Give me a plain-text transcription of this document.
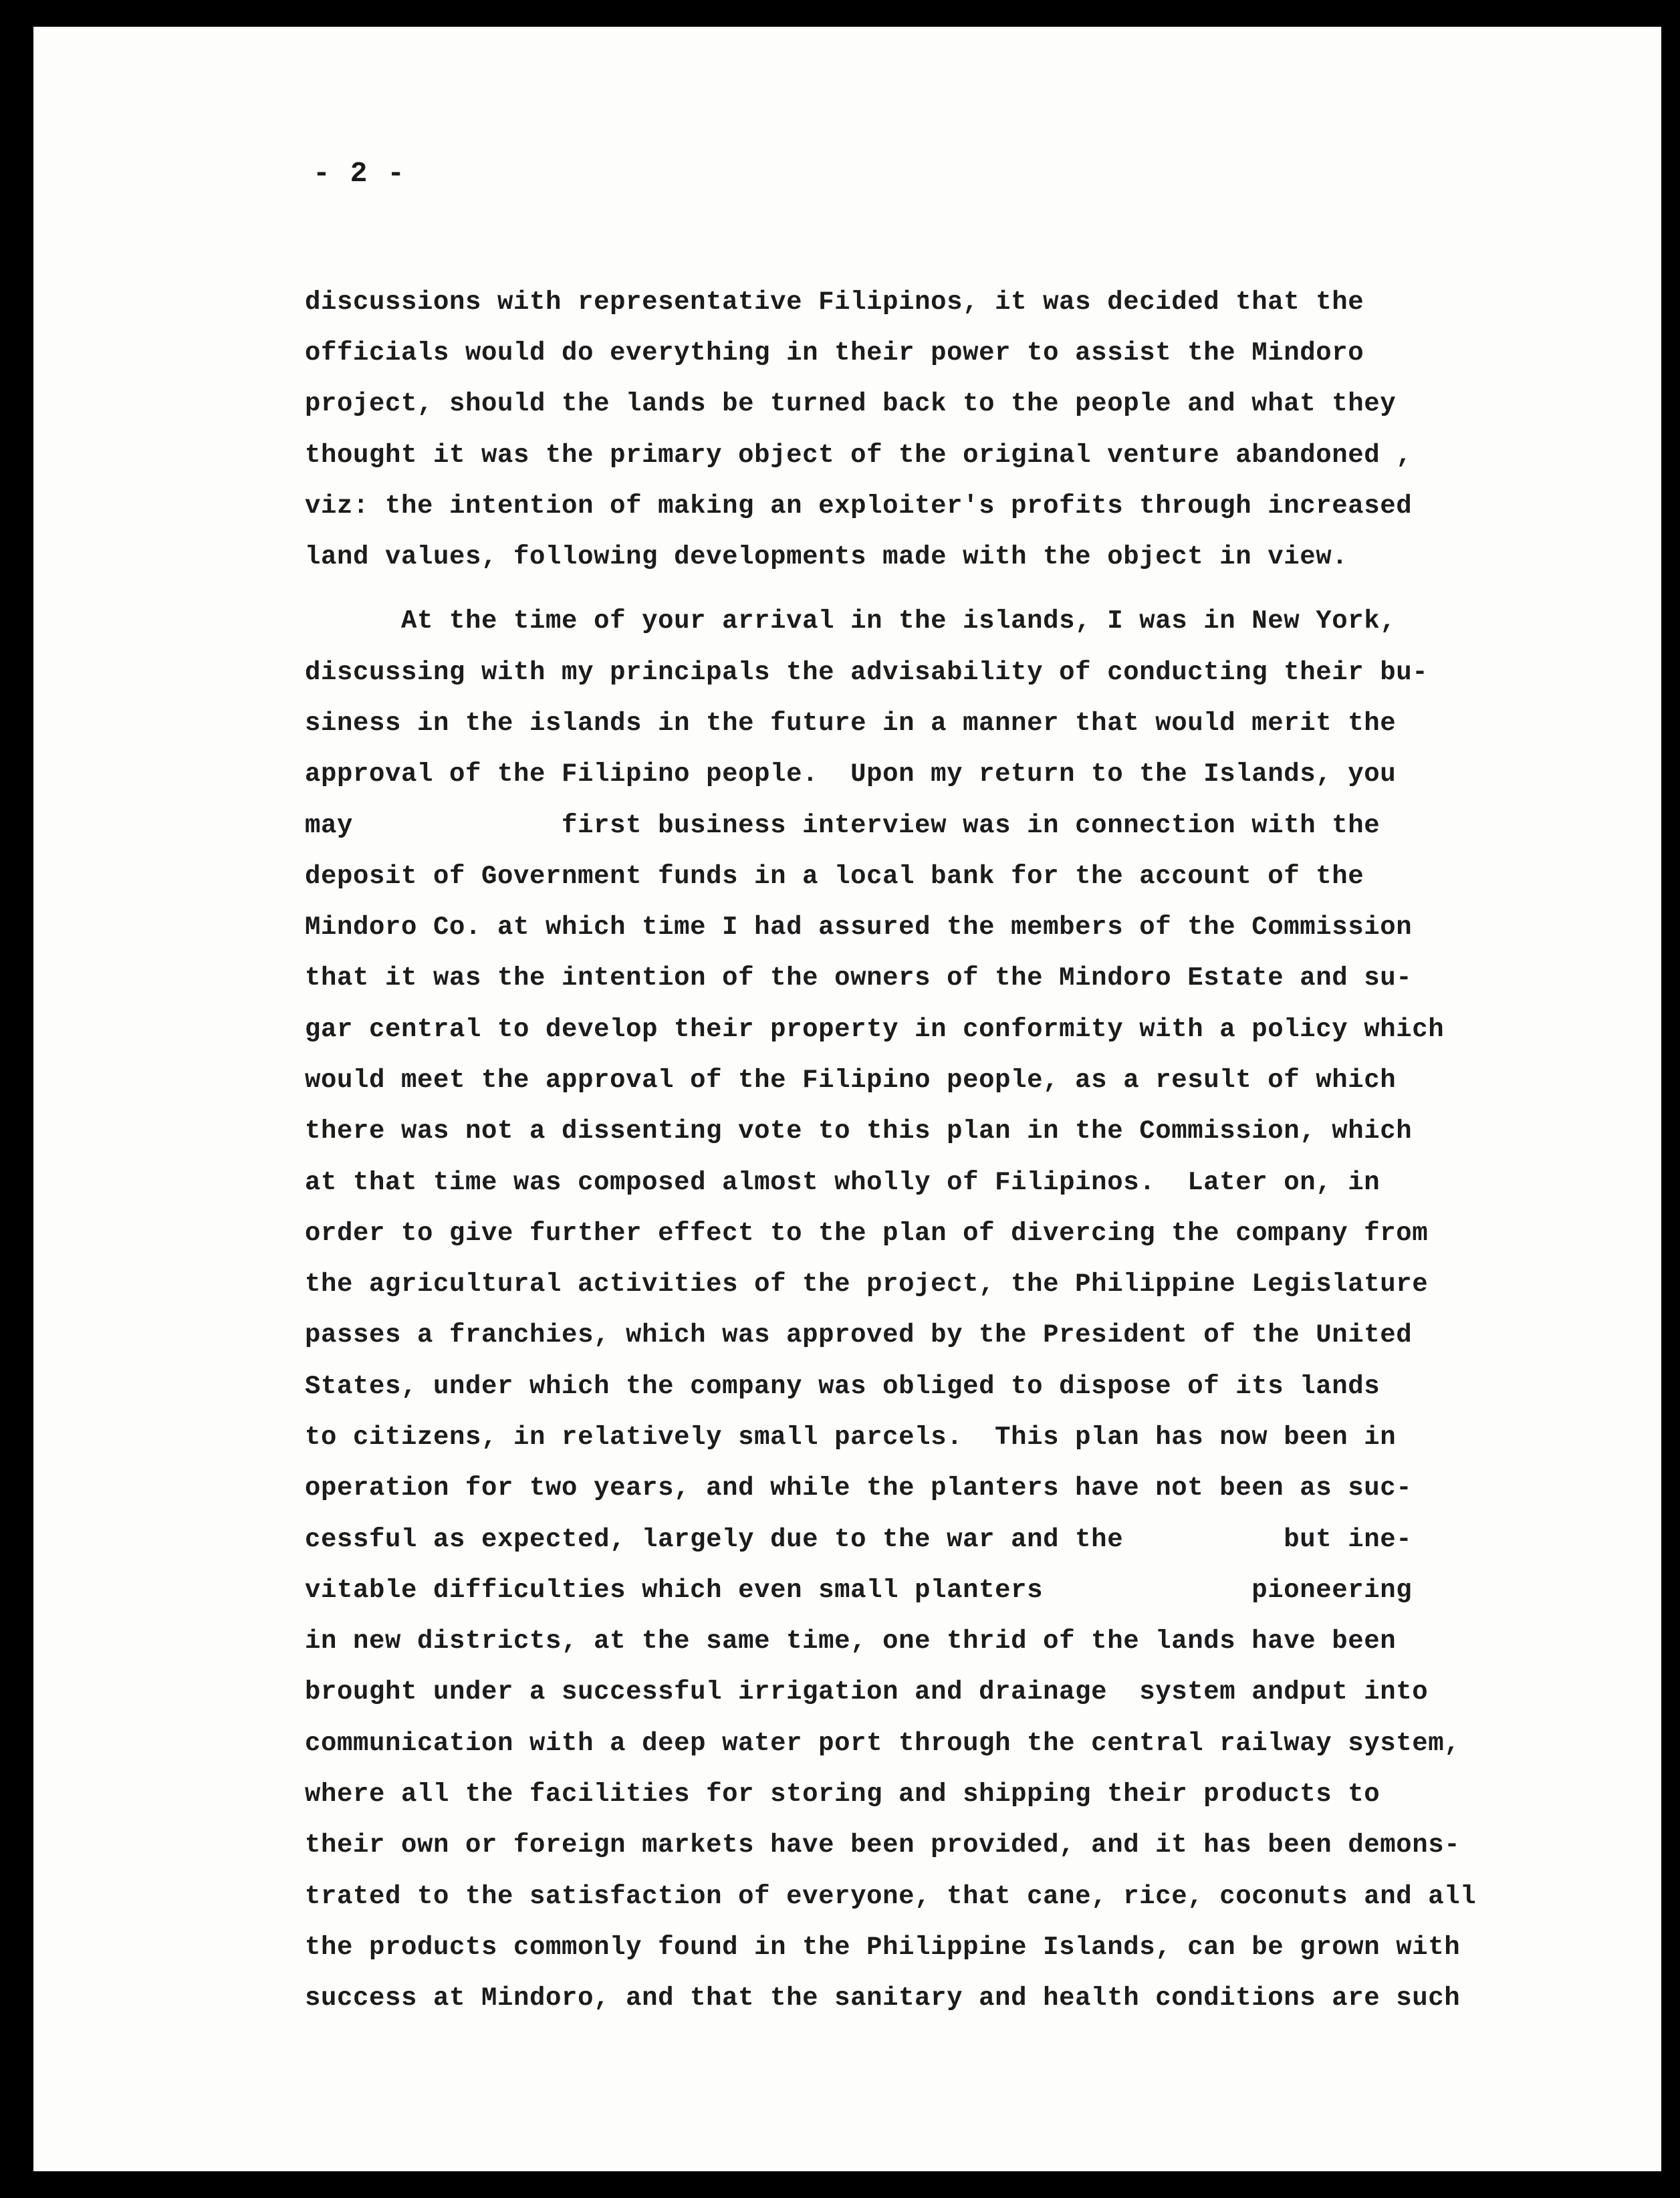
- 2 -
discussions with representative Filipinos, it was decided that the
officials would do everything in their power to assist the Mindoro
project, should the lands be turned back to the people and what they
thought it was the primary object of the original venture abandoned ,
viz: the intention of making an exploiter's profits through increased
land values, following developments made with the object in view.
At the time of your arrival in the islands, I was in New York,
discussing with my principals the advisability of conducting their bu-
siness in the islands in the future in a manner that would merit the
approval of the Filipino people.  Upon my return to the Islands, you
may             first business interview was in connection with the
deposit of Government funds in a local bank for the account of the
Mindoro Co. at which time I had assured the members of the Commission
that it was the intention of the owners of the Mindoro Estate and su-
gar central to develop their property in conformity with a policy which
would meet the approval of the Filipino people, as a result of which
there was not a dissenting vote to this plan in the Commission, which
at that time was composed almost wholly of Filipinos.  Later on, in
order to give further effect to the plan of divercing the company from
the agricultural activities of the project, the Philippine Legislature
passes a franchies, which was approved by the President of the United
States, under which the company was obliged to dispose of its lands
to citizens, in relatively small parcels.  This plan has now been in
operation for two years, and while the planters have not been as suc-
cessful as expected, largely due to the war and the          but ine-
vitable difficulties which even small planters             pioneering
in new districts, at the same time, one thrid of the lands have been
brought under a successful irrigation and drainage  system andput into
communication with a deep water port through the central railway system,
where all the facilities for storing and shipping their products to
their own or foreign markets have been provided, and it has been demons-
trated to the satisfaction of everyone, that cane, rice, coconuts and all
the products commonly found in the Philippine Islands, can be grown with
success at Mindoro, and that the sanitary and health conditions are such
